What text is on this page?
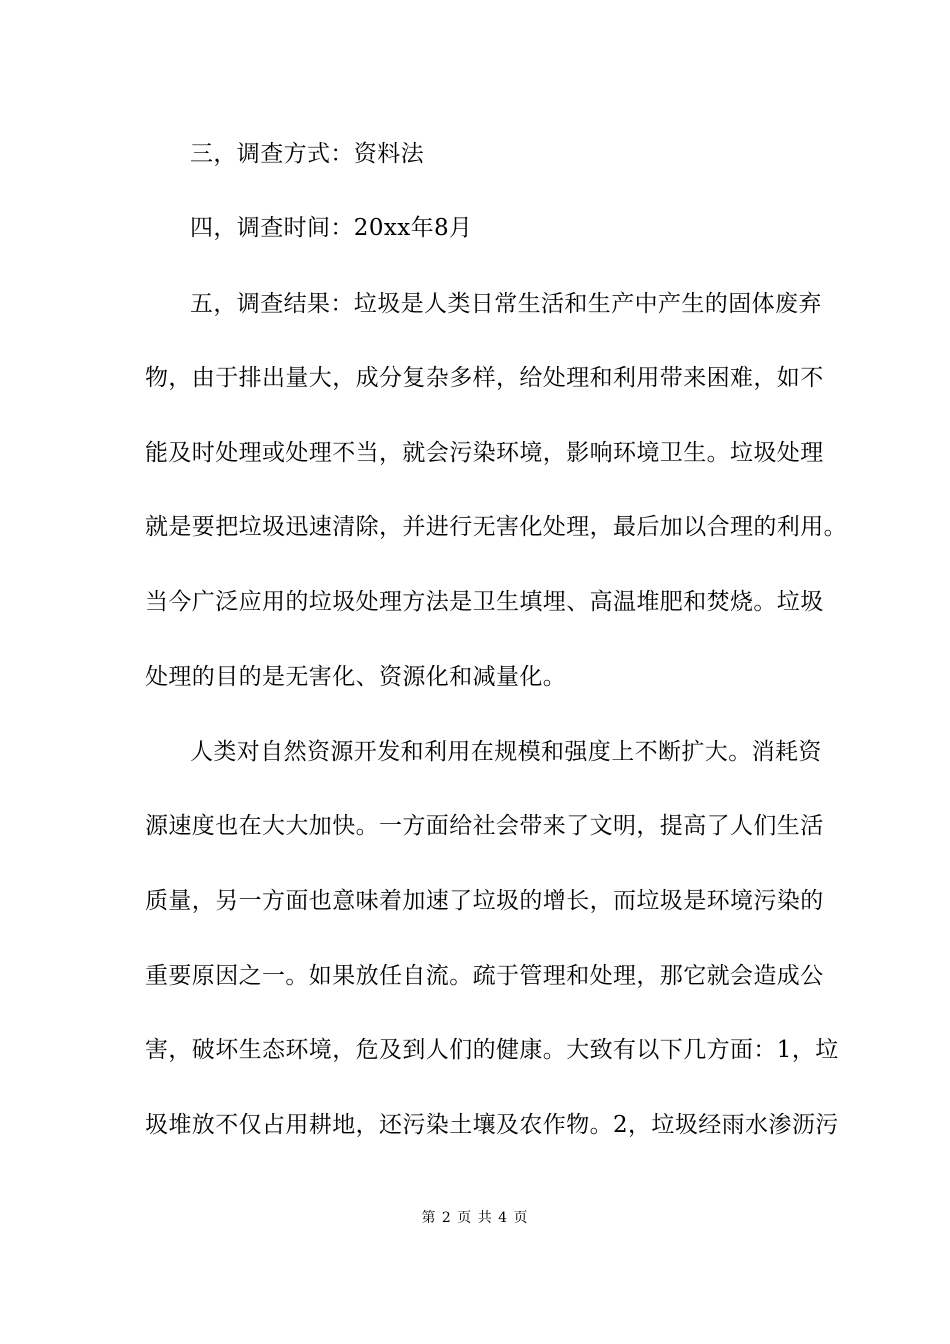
三，调查方式：资料法
四，调查时间：20xx年8月
五，调查结果：垃圾是人类日常生活和生产中产生的固体废弃
物，由于排出量大，成分复杂多样，给处理和利用带来困难，如不
能及时处理或处理不当，就会污染环境，影响环境卫生。垃圾处理
就是要把垃圾迅速清除，并进行无害化处理，最后加以合理的利用。
当今广泛应用的垃圾处理方法是卫生填埋、高温堆肥和焚烧。垃圾
处理的目的是无害化、资源化和减量化。
人类对自然资源开发和利用在规模和强度上不断扩大。消耗资
源速度也在大大加快。一方面给社会带来了文明，提高了人们生活
质量，另一方面也意味着加速了垃圾的增长，而垃圾是环境污染的
重要原因之一。如果放任自流。疏于管理和处理，那它就会造成公
害，破坏生态环境，危及到人们的健康。大致有以下几方面：1，垃
圾堆放不仅占用耕地，还污染土壤及农作物。2，垃圾经雨水渗沥污
第 2 页 共 4 页
